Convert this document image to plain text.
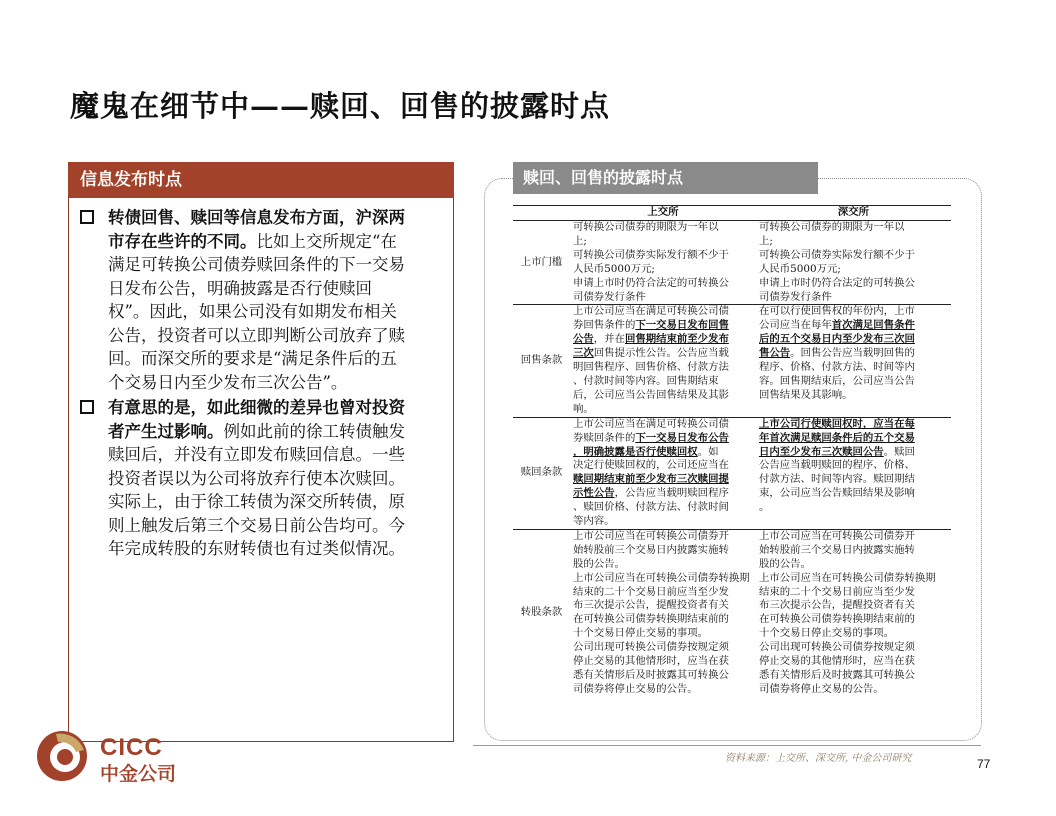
魔鬼在细节中——赎回、回售的披露时点
信息发布时点
转债回售、赎回等信息发布方面，沪深两
市存在些许的不同。比如上交所规定“在
满足可转换公司债券赎回条件的下一交易
日发布公告，明确披露是否行使赎回
权”。因此，如果公司没有如期发布相关
公告，投资者可以立即判断公司放弃了赎
回。而深交所的要求是“满足条件后的五
个交易日内至少发布三次公告”。
有意思的是，如此细微的差异也曾对投资
者产生过影响。例如此前的徐工转债触发
赎回后，并没有立即发布赎回信息。一些
投资者误以为公司将放弃行使本次赎回。
实际上，由于徐工转债为深交所转债，原
则上触发后第三个交易日前公告均可。今
年完成转股的东财转债也有过类似情况。
赎回、回售的披露时点
上交所	深交所
上市门槛
可转换公司债券的期限为一年以
上;
可转换公司债券实际发行额不少于
人民币5000万元;
申请上市时仍符合法定的可转换公
司债券发行条件
可转换公司债券的期限为一年以
上;
可转换公司债券实际发行额不少于
人民币5000万元;
申请上市时仍符合法定的可转换公
司债券发行条件
回售条款
上市公司应当在满足可转换公司债
券回售条件的下一交易日发布回售
公告，并在回售期结束前至少发布
三次回售提示性公告。公告应当载
明回售程序、回售价格、付款方法
、付款时间等内容。回售期结束
后，公司应当公告回售结果及其影
响。
在可以行使回售权的年份内，上市
公司应当在每年首次满足回售条件
后的五个交易日内至少发布三次回
售公告。回售公告应当载明回售的
程序、价格、付款方法、时间等内
容。回售期结束后，公司应当公告
回售结果及其影响。
赎回条款
上市公司应当在满足可转换公司债
券赎回条件的下一交易日发布公告
，明确披露是否行使赎回权。如
决定行使赎回权的，公司还应当在
赎回期结束前至少发布三次赎回提
示性公告，公告应当载明赎回程序
、赎回价格、付款方法、付款时间
等内容。
上市公司行使赎回权时，应当在每
年首次满足赎回条件后的五个交易
日内至少发布三次赎回公告。赎回
公告应当载明赎回的程序、价格、
付款方法、时间等内容。赎回期结
束，公司应当公告赎回结果及影响
。
转股条款
上市公司应当在可转换公司债券开
始转股前三个交易日内披露实施转
股的公告。
上市公司应当在可转换公司债券转换期
结束的二十个交易日前应当至少发
布三次提示公告，提醒投资者有关
在可转换公司债券转换期结束前的
十个交易日停止交易的事项。
公司出现可转换公司债券按规定须
停止交易的其他情形时，应当在获
悉有关情形后及时披露其可转换公
司债券将停止交易的公告。
上市公司应当在可转换公司债券开
始转股前三个交易日内披露实施转
股的公告。
上市公司应当在可转换公司债券转换期
结束的二十个交易日前应当至少发
布三次提示公告，提醒投资者有关
在可转换公司债券转换期结束前的
十个交易日停止交易的事项。
公司出现可转换公司债券按规定须
停止交易的其他情形时，应当在获
悉有关情形后及时披露其可转换公
司债券将停止交易的公告。
资料来源：上交所、深交所, 中金公司研究	77
CICC
中金公司
